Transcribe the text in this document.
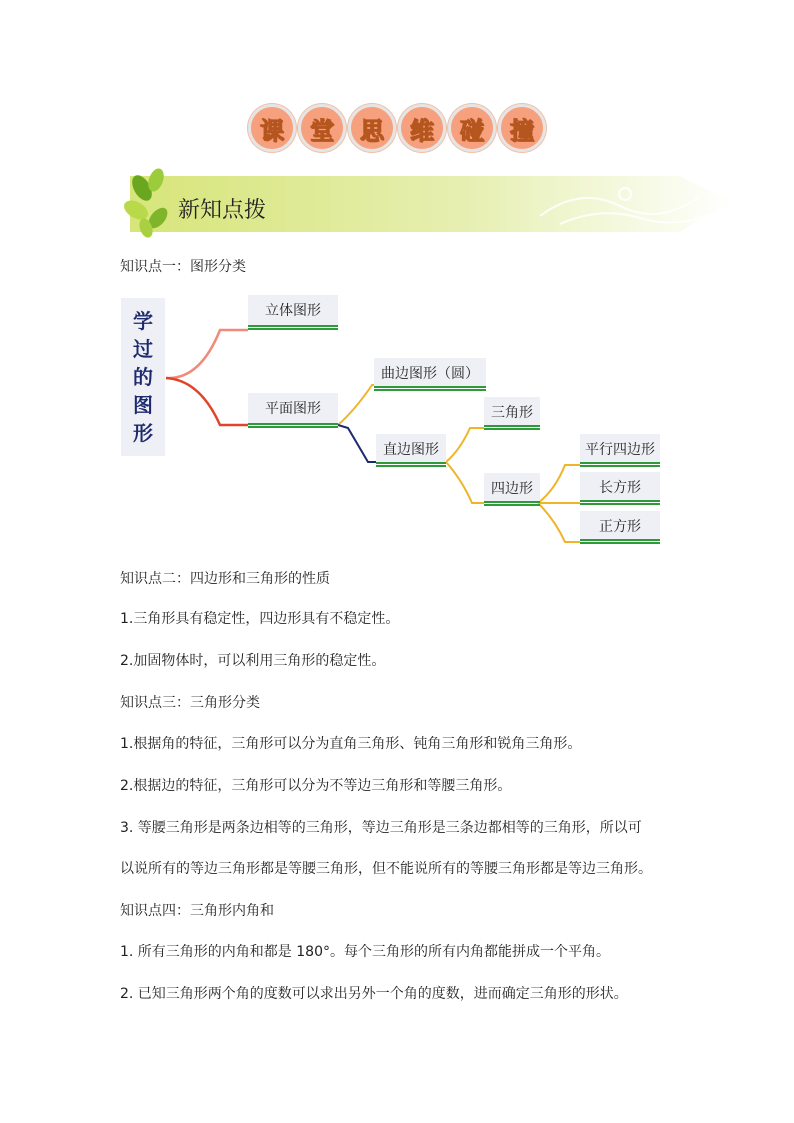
课	堂	思	维	碰	撞
新知点拨
知识点一：图形分类
学
过
的
图
形
立体图形
平面图形
曲边图形（圆）
直边图形
三角形
四边形
平行四边形
长方形
正方形
知识点二：四边形和三角形的性质
1.三角形具有稳定性，四边形具有不稳定性。
2.加固物体时，可以利用三角形的稳定性。
知识点三：三角形分类
1.根据角的特征，三角形可以分为直角三角形、钝角三角形和锐角三角形。
2.根据边的特征，三角形可以分为不等边三角形和等腰三角形。
3. 等腰三角形是两条边相等的三角形，等边三角形是三条边都相等的三角形，所以可
以说所有的等边三角形都是等腰三角形，但不能说所有的等腰三角形都是等边三角形。
知识点四：三角形内角和
1. 所有三角形的内角和都是 180°。每个三角形的所有内角都能拼成一个平角。
2. 已知三角形两个角的度数可以求出另外一个角的度数，进而确定三角形的形状。
